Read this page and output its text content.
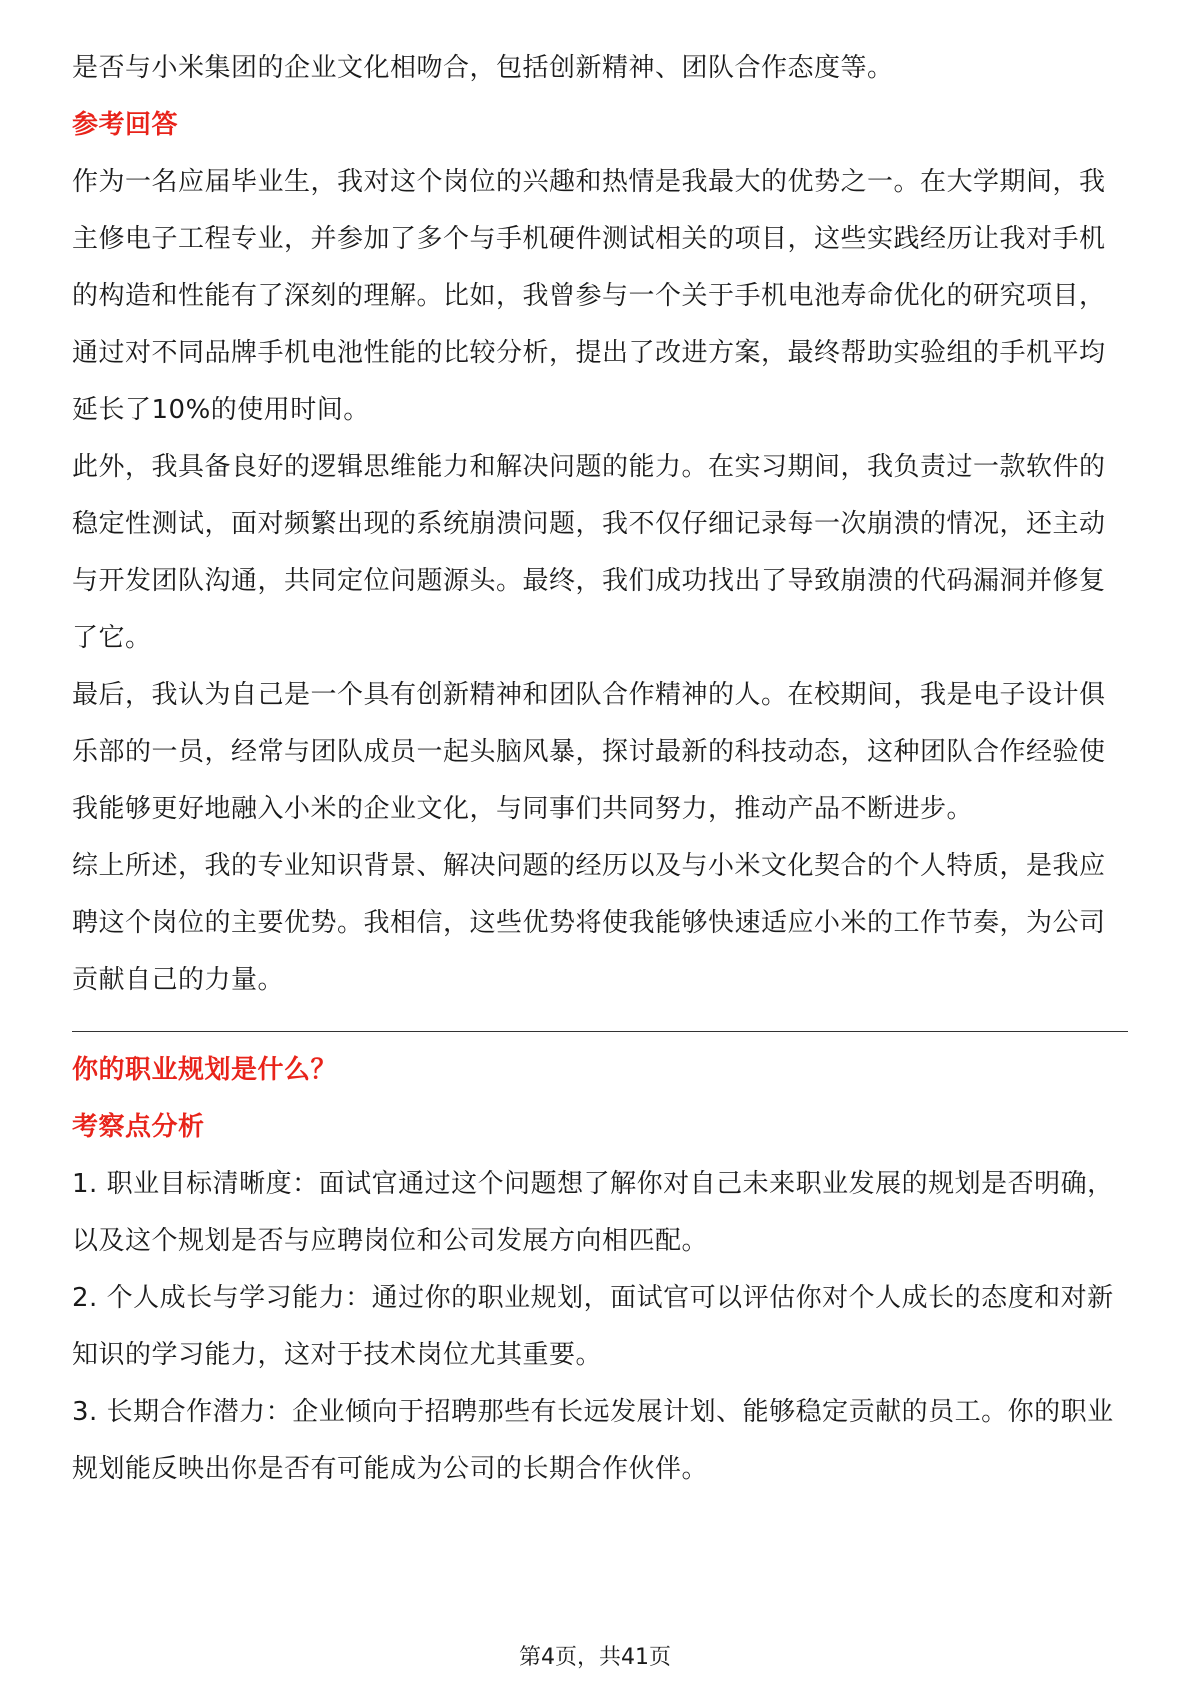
是否与小米集团的企业文化相吻合，包括创新精神、团队合作态度等。

参考回答

作为一名应届毕业生，我对这个岗位的兴趣和热情是我最大的优势之一。在大学期间，我主修电子工程专业，并参加了多个与手机硬件测试相关的项目，这些实践经历让我对手机的构造和性能有了深刻的理解。比如，我曾参与一个关于手机电池寿命优化的研究项目，通过对不同品牌手机电池性能的比较分析，提出了改进方案，最终帮助实验组的手机平均延长了10%的使用时间。

此外，我具备良好的逻辑思维能力和解决问题的能力。在实习期间，我负责过一款软件的稳定性测试，面对频繁出现的系统崩溃问题，我不仅仔细记录每一次崩溃的情况，还主动与开发团队沟通，共同定位问题源头。最终，我们成功找出了导致崩溃的代码漏洞并修复了它。

最后，我认为自己是一个具有创新精神和团队合作精神的人。在校期间，我是电子设计俱乐部的一员，经常与团队成员一起头脑风暴，探讨最新的科技动态，这种团队合作经验使我能够更好地融入小米的企业文化，与同事们共同努力，推动产品不断进步。

综上所述，我的专业知识背景、解决问题的经历以及与小米文化契合的个人特质，是我应聘这个岗位的主要优势。我相信，这些优势将使我能够快速适应小米的工作节奏，为公司贡献自己的力量。

你的职业规划是什么？

考察点分析

1. 职业目标清晰度：面试官通过这个问题想了解你对自己未来职业发展的规划是否明确，以及这个规划是否与应聘岗位和公司发展方向相匹配。

2. 个人成长与学习能力：通过你的职业规划，面试官可以评估你对个人成长的态度和对新知识的学习能力，这对于技术岗位尤其重要。

3. 长期合作潜力：企业倾向于招聘那些有长远发展计划、能够稳定贡献的员工。你的职业规划能反映出你是否有可能成为公司的长期合作伙伴。

第4页，共41页
